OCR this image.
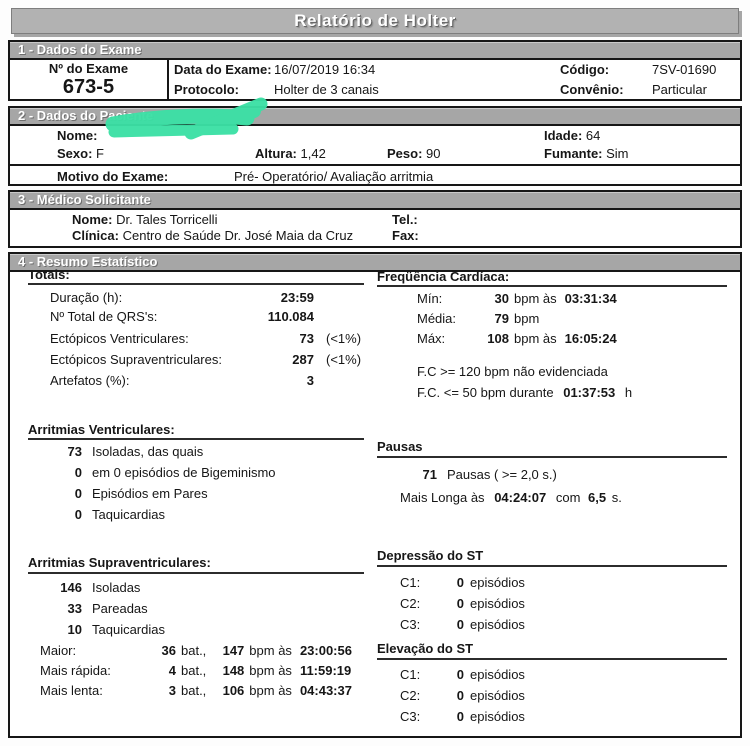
Relatório de Holter
1 - Dados do Exame
Nº do Exame
673-5
Data do Exame: 16/07/2019 16:34
Protocolo:	Holter de 3 canais
Código:	7SV-01690
Convênio: Particular
2 - Dados do Paciente
Nome:	Idade: 64
Sexo: F	Altura: 1,42	Peso: 90	Fumante: Sim
Motivo do Exame:	Pré- Operatório/ Avaliação arritmia
3 - Médico Solicitante
Nome: Dr. Tales Torricelli	Tel.:
Clínica: Centro de Saúde Dr. José Maia da Cruz	Fax:
4 - Resumo Estatístico
Totais:
Duração (h):	23:59
Nº Total de QRS's:	110.084
Ectópicos Ventriculares:	73 (<1%)
Ectópicos Supraventriculares:	287 (<1%)
Artefatos (%):	3
Arritmias Ventriculares:
73 Isoladas, das quais
0 em 0 episódios de Bigeminismo
0 Episódios em Pares
0 Taquicardias
Arritmias Supraventriculares:
146 Isoladas
33 Pareadas
10 Taquicardias
Maior:	36 bat., 147 bpm às 23:00:56
Mais rápida:	4 bat., 148 bpm às 11:59:19
Mais lenta:	3 bat., 106 bpm às 04:43:37
Freqüência Cardíaca:
Mín:	30 bpm às 03:31:34
Média:	79 bpm
Máx:	108 bpm às 16:05:24
F.C >= 120 bpm não evidenciada
F.C. <= 50 bpm durante 01:37:53 h
Pausas
71 Pausas ( >= 2,0 s.)
Mais Longa às 04:24:07 com 6,5 s.
Depressão do ST
C1:	0 episódios
C2:	0 episódios
C3:	0 episódios
Elevação do ST
C1:	0 episódios
C2:	0 episódios
C3:	0 episódios
